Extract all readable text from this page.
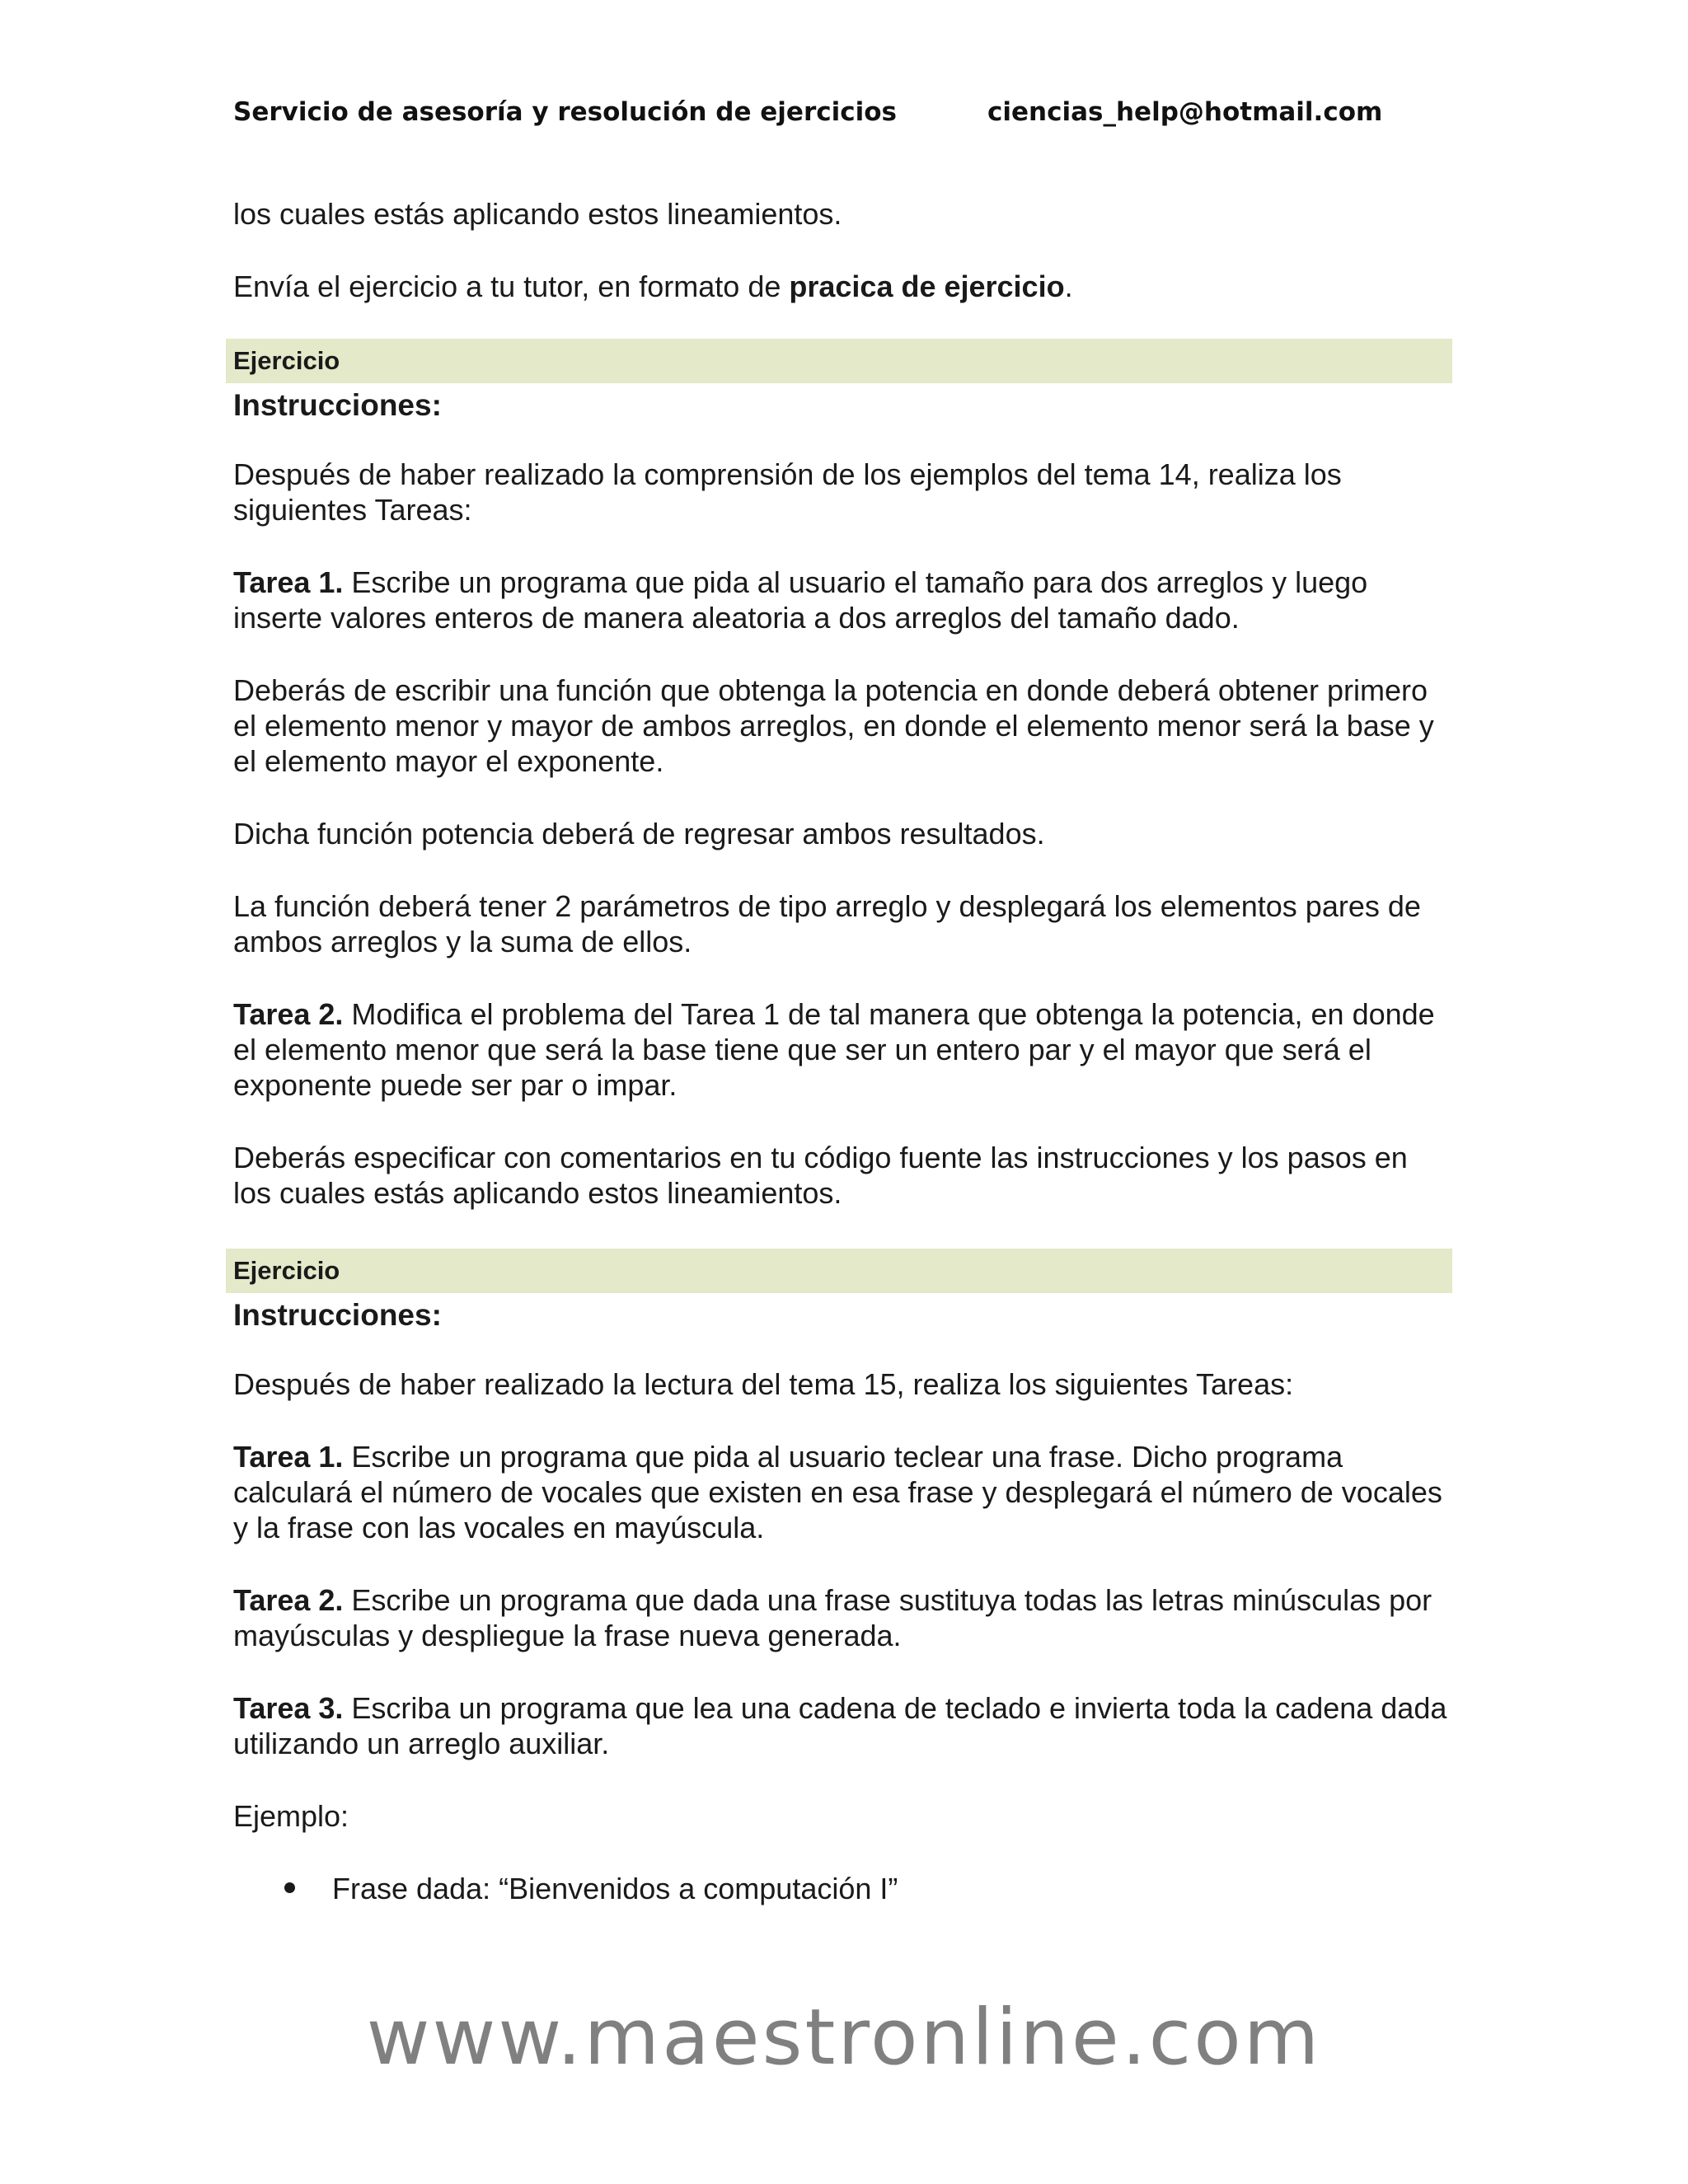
Servicio de asesoría y resolución de ejercicios	ciencias_help@hotmail.com

los cuales estás aplicando estos lineamientos.

Envía el ejercicio a tu tutor, en formato de pracica de ejercicio.

Ejercicio
Instrucciones:

Después de haber realizado la comprensión de los ejemplos del tema 14, realiza los siguientes Tareas:

Tarea 1. Escribe un programa que pida al usuario el tamaño para dos arreglos y luego inserte valores enteros de manera aleatoria a dos arreglos del tamaño dado.

Deberás de escribir una función que obtenga la potencia en donde deberá obtener primero el elemento menor y mayor de ambos arreglos, en donde el elemento menor será la base y el elemento mayor el exponente.

Dicha función potencia deberá de regresar ambos resultados.

La función deberá tener 2 parámetros de tipo arreglo y desplegará los elementos pares de ambos arreglos y la suma de ellos.

Tarea 2. Modifica el problema del Tarea 1 de tal manera que obtenga la potencia, en donde el elemento menor que será la base tiene que ser un entero par y el mayor que será el exponente puede ser par o impar.

Deberás especificar con comentarios en tu código fuente las instrucciones y los pasos en los cuales estás aplicando estos lineamientos.

Ejercicio
Instrucciones:

Después de haber realizado la lectura del tema 15, realiza los siguientes Tareas:

Tarea 1. Escribe un programa que pida al usuario teclear una frase. Dicho programa calculará el número de vocales que existen en esa frase y desplegará el número de vocales y la frase con las vocales en mayúscula.

Tarea 2. Escribe un programa que dada una frase sustituya todas las letras minúsculas por mayúsculas y despliegue la frase nueva generada.

Tarea 3. Escriba un programa que lea una cadena de teclado e invierta toda la cadena dada utilizando un arreglo auxiliar.

Ejemplo:

Frase dada: “Bienvenidos a computación I”

www.maestronline.com
